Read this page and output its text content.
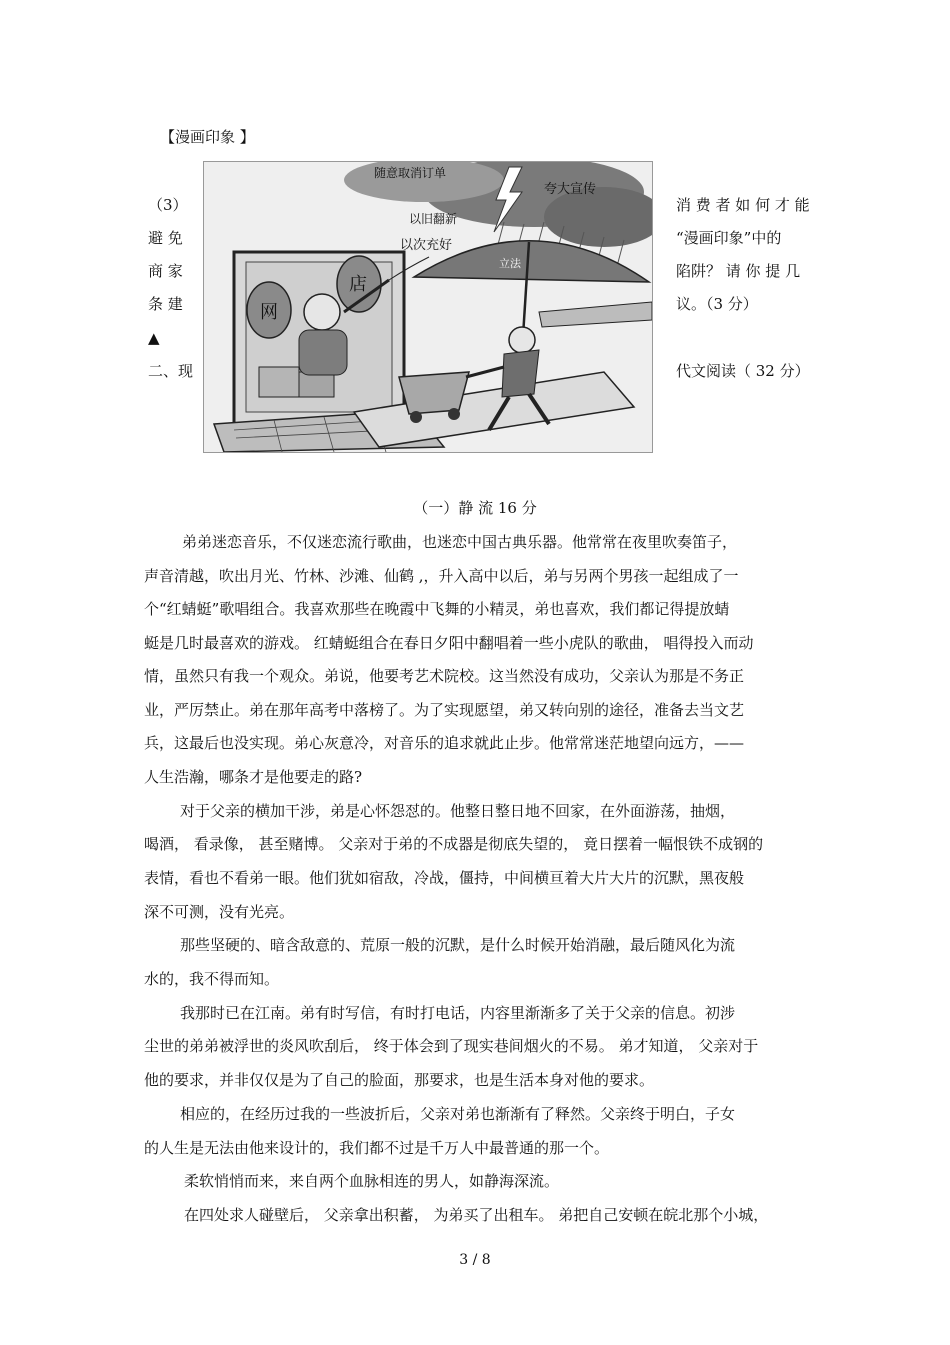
【漫画印象 】
（3）
避 免
商 家
条 建
▲
二、现
消 费 者 如 何 才 能
“漫画印象”中的
陷阱？ 请 你 提 几
议。（3 分）
代文阅读（ 32 分）
随意取消订单
夸大宣传
以旧翻新
以次充好
立法
店
网
（一）静 流 16 分
弟弟迷恋音乐，不仅迷恋流行歌曲，也迷恋中国古典乐器。他常常在夜里吹奏笛子，
声音清越，吹出月光、竹林、沙滩、仙鹤 ,，升入高中以后，弟与另两个男孩一起组成了一
个“红蜻蜓”歌唱组合。我喜欢那些在晚霞中飞舞的小精灵，弟也喜欢，我们都记得提放蜻
蜓是几时最喜欢的游戏。 红蜻蜓组合在春日夕阳中翻唱着一些小虎队的歌曲， 唱得投入而动
情，虽然只有我一个观众。弟说，他要考艺术院校。这当然没有成功，父亲认为那是不务正
业，严厉禁止。弟在那年高考中落榜了。为了实现愿望，弟又转向别的途径，准备去当文艺
兵，这最后也没实现。弟心灰意冷，对音乐的追求就此止步。他常常迷茫地望向远方，——
人生浩瀚，哪条才是他要走的路?
对于父亲的横加干涉，弟是心怀怨怼的。他整日整日地不回家，在外面游荡，抽烟，
喝酒， 看录像， 甚至赌博。 父亲对于弟的不成器是彻底失望的， 竟日摆着一幅恨铁不成钢的
表情，看也不看弟一眼。他们犹如宿敌，冷战，僵持，中间横亘着大片大片的沉默，黑夜般
深不可测，没有光亮。
那些坚硬的、暗含敌意的、荒原一般的沉默，是什么时候开始消融，最后随风化为流
水的，我不得而知。
我那时已在江南。弟有时写信，有时打电话，内容里渐渐多了关于父亲的信息。初涉
尘世的弟弟被浮世的炎风吹刮后， 终于体会到了现实巷间烟火的不易。 弟才知道， 父亲对于
他的要求，并非仅仅是为了自己的脸面，那要求，也是生活本身对他的要求。
相应的，在经历过我的一些波折后，父亲对弟也渐渐有了释然。父亲终于明白，子女
的人生是无法由他来设计的，我们都不过是千万人中最普通的那一个。
柔软悄悄而来，来自两个血脉相连的男人，如静海深流。
在四处求人碰壁后， 父亲拿出积蓄， 为弟买了出租车。 弟把自己安顿在皖北那个小城，
3 / 8
